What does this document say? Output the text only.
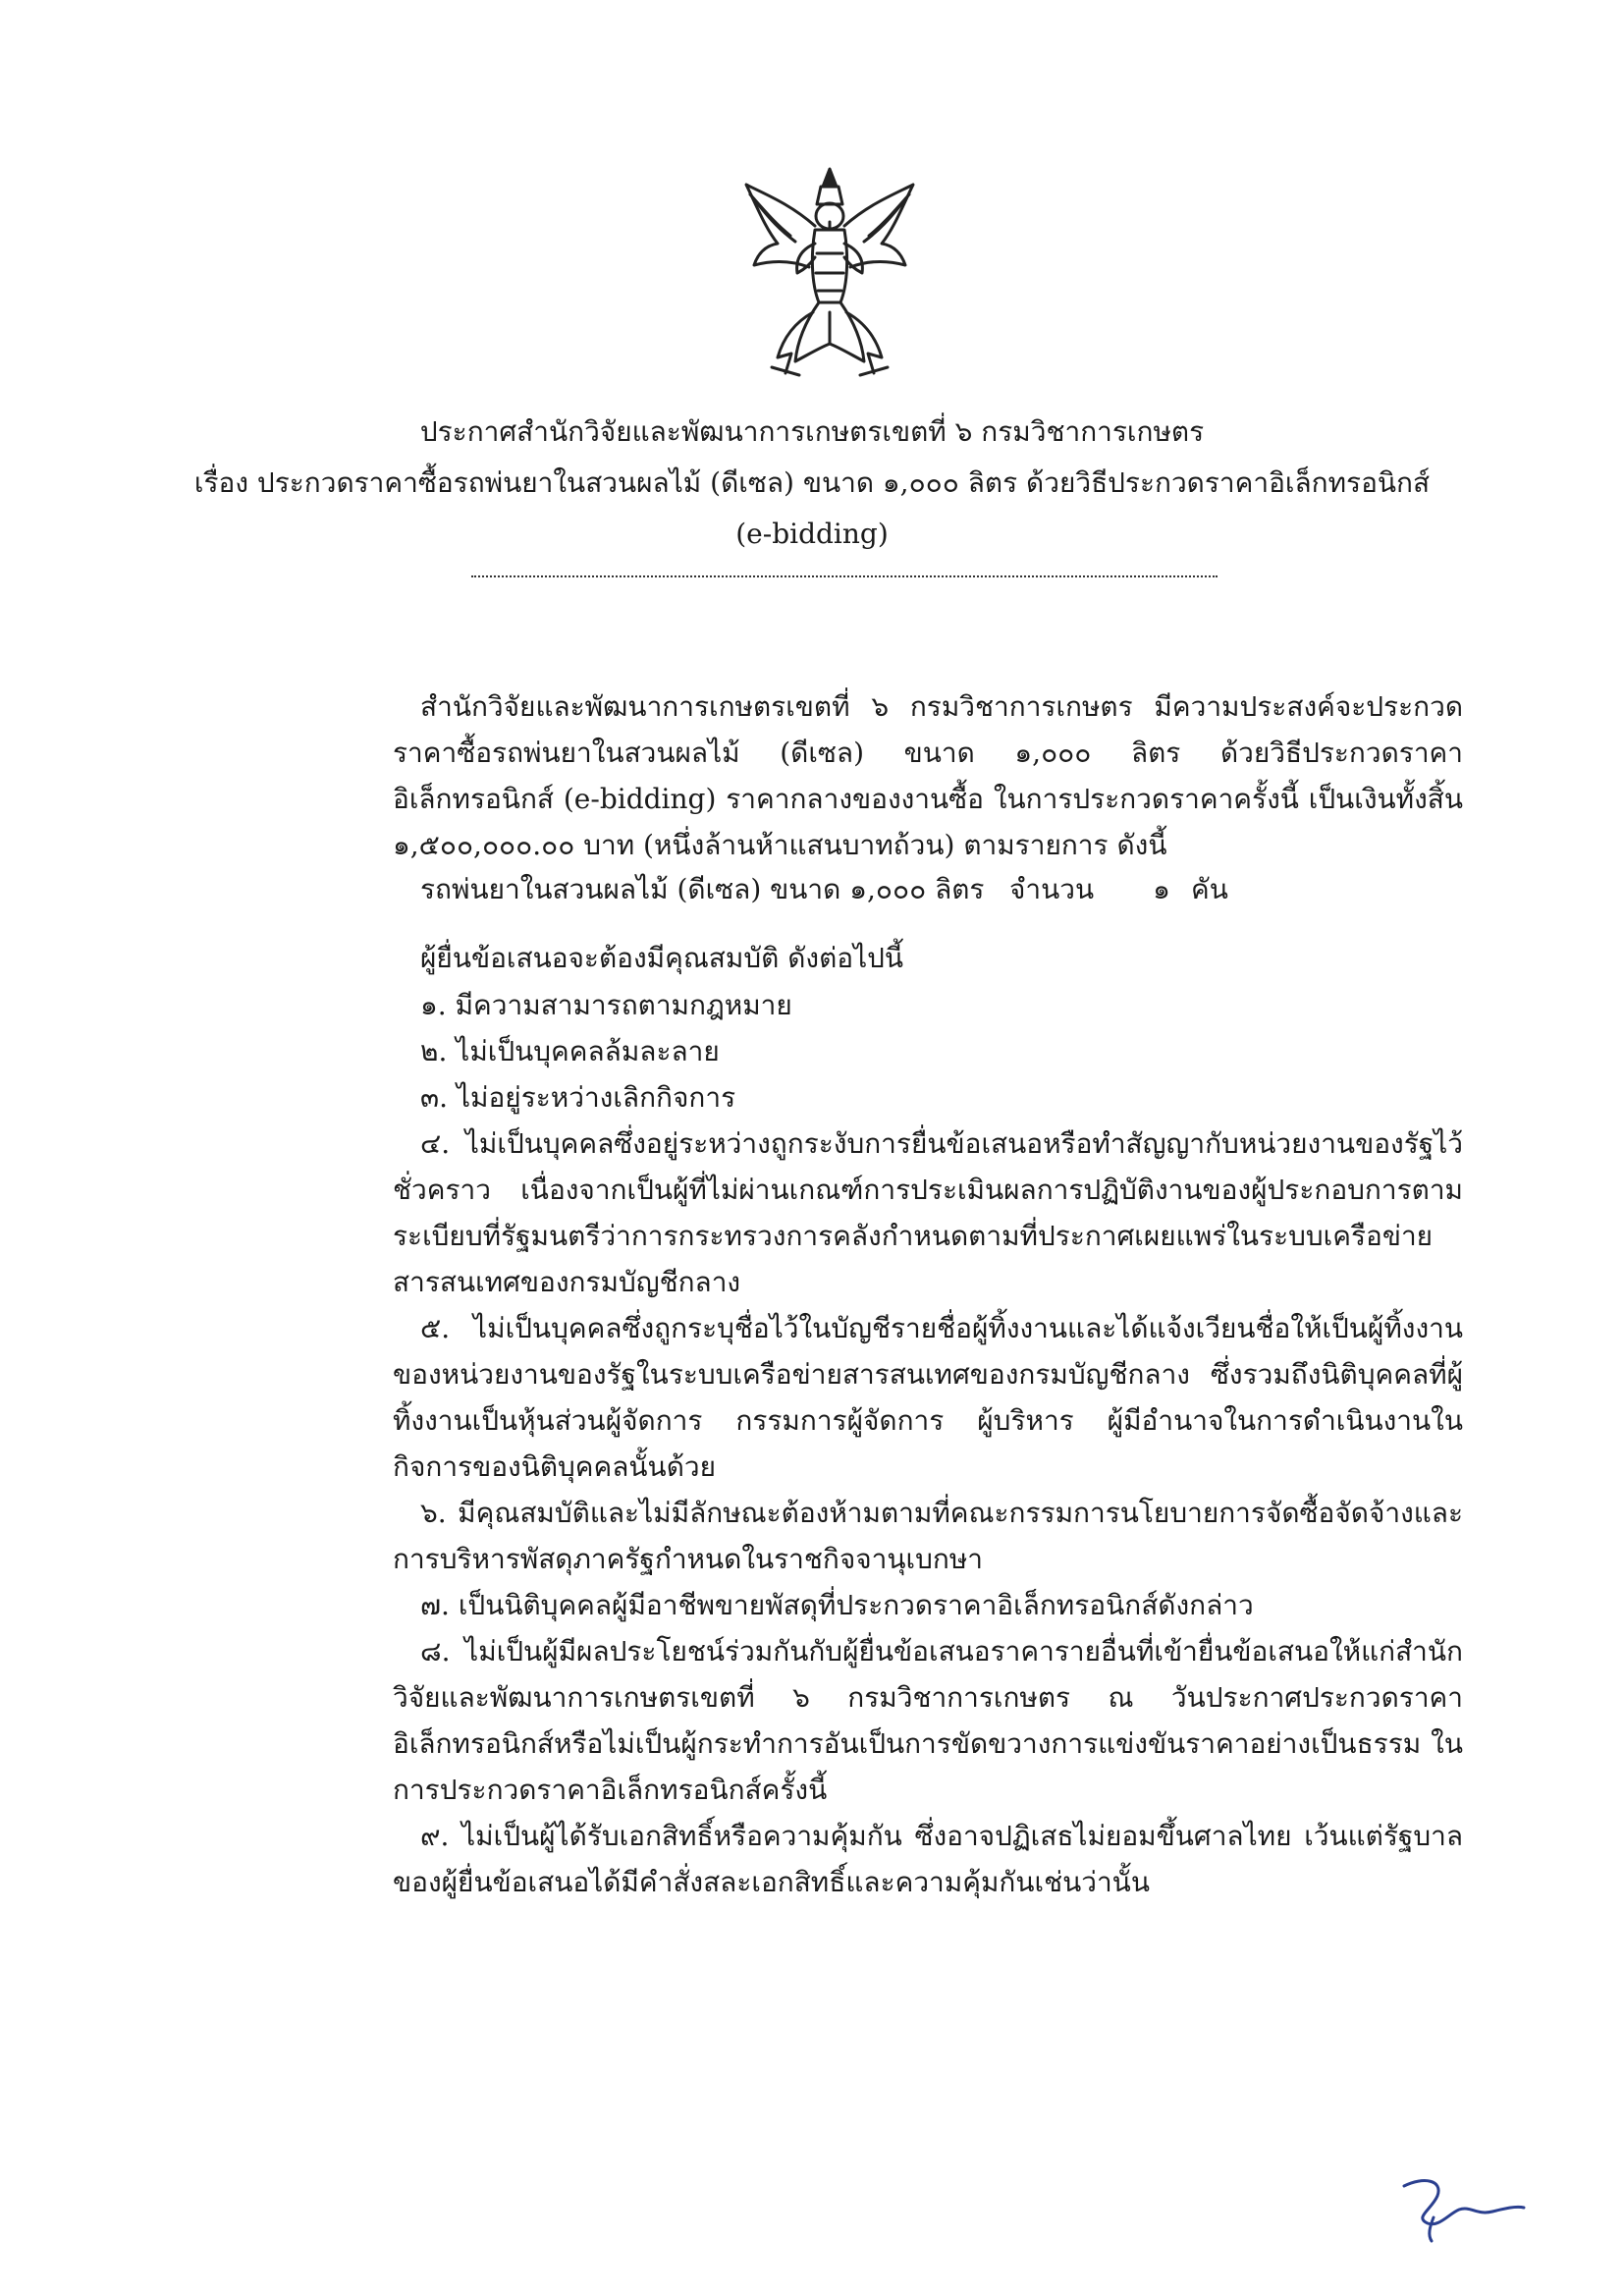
ประกาศสำนักวิจัยและพัฒนาการเกษตรเขตที่ ๖ กรมวิชาการเกษตร
เรื่อง ประกวดราคาซื้อรถพ่นยาในสวนผลไม้ (ดีเซล) ขนาด ๑,๐๐๐ ลิตร ด้วยวิธีประกวดราคาอิเล็กทรอนิกส์
(e-bidding)

สำนักวิจัยและพัฒนาการเกษตรเขตที่ ๖ กรมวิชาการเกษตร มีความประสงค์จะประกวดราคาซื้อรถพ่นยาในสวนผลไม้ (ดีเซล) ขนาด ๑,๐๐๐ ลิตร ด้วยวิธีประกวดราคาอิเล็กทรอนิกส์ (e-bidding) ราคากลางของงานซื้อ ในการประกวดราคาครั้งนี้ เป็นเงินทั้งสิ้น ๑,๕๐๐,๐๐๐.๐๐ บาท (หนึ่งล้านห้าแสนบาทถ้วน) ตามรายการ ดังนี้

รถพ่นยาในสวนผลไม้ (ดีเซล) ขนาด ๑,๐๐๐ ลิตร จำนวน ๑ คัน
ผู้ยื่นข้อเสนอจะต้องมีคุณสมบัติ ดังต่อไปนี้

๑. มีความสามารถตามกฎหมาย

๒. ไม่เป็นบุคคลล้มละลาย

๓. ไม่อยู่ระหว่างเลิกกิจการ

๔. ไม่เป็นบุคคลซึ่งอยู่ระหว่างถูกระงับการยื่นข้อเสนอหรือทำสัญญากับหน่วยงานของรัฐไว้ชั่วคราว เนื่องจากเป็นผู้ที่ไม่ผ่านเกณฑ์การประเมินผลการปฏิบัติงานของผู้ประกอบการตามระเบียบที่รัฐมนตรีว่าการกระทรวงการคลังกำหนดตามที่ประกาศเผยแพร่ในระบบเครือข่ายสารสนเทศของกรมบัญชีกลาง

๕. ไม่เป็นบุคคลซึ่งถูกระบุชื่อไว้ในบัญชีรายชื่อผู้ทิ้งงานและได้แจ้งเวียนชื่อให้เป็นผู้ทิ้งงานของหน่วยงานของรัฐในระบบเครือข่ายสารสนเทศของกรมบัญชีกลาง ซึ่งรวมถึงนิติบุคคลที่ผู้ทิ้งงานเป็นหุ้นส่วนผู้จัดการ กรรมการผู้จัดการ ผู้บริหาร ผู้มีอำนาจในการดำเนินงานในกิจการของนิติบุคคลนั้นด้วย

๖. มีคุณสมบัติและไม่มีลักษณะต้องห้ามตามที่คณะกรรมการนโยบายการจัดซื้อจัดจ้างและการบริหารพัสดุภาครัฐกำหนดในราชกิจจานุเบกษา

๗. เป็นนิติบุคคลผู้มีอาชีพขายพัสดุที่ประกวดราคาอิเล็กทรอนิกส์ดังกล่าว

๘. ไม่เป็นผู้มีผลประโยชน์ร่วมกันกับผู้ยื่นข้อเสนอราคารายอื่นที่เข้ายื่นข้อเสนอให้แก่สำนักวิจัยและพัฒนาการเกษตรเขตที่ ๖ กรมวิชาการเกษตร ณ วันประกาศประกวดราคาอิเล็กทรอนิกส์หรือไม่เป็นผู้กระทำการอันเป็นการขัดขวางการแข่งขันราคาอย่างเป็นธรรม ในการประกวดราคาอิเล็กทรอนิกส์ครั้งนี้

๙. ไม่เป็นผู้ได้รับเอกสิทธิ์หรือความคุ้มกัน ซึ่งอาจปฏิเสธไม่ยอมขึ้นศาลไทย เว้นแต่รัฐบาลของผู้ยื่นข้อเสนอได้มีคำสั่งสละเอกสิทธิ์และความคุ้มกันเช่นว่านั้น
